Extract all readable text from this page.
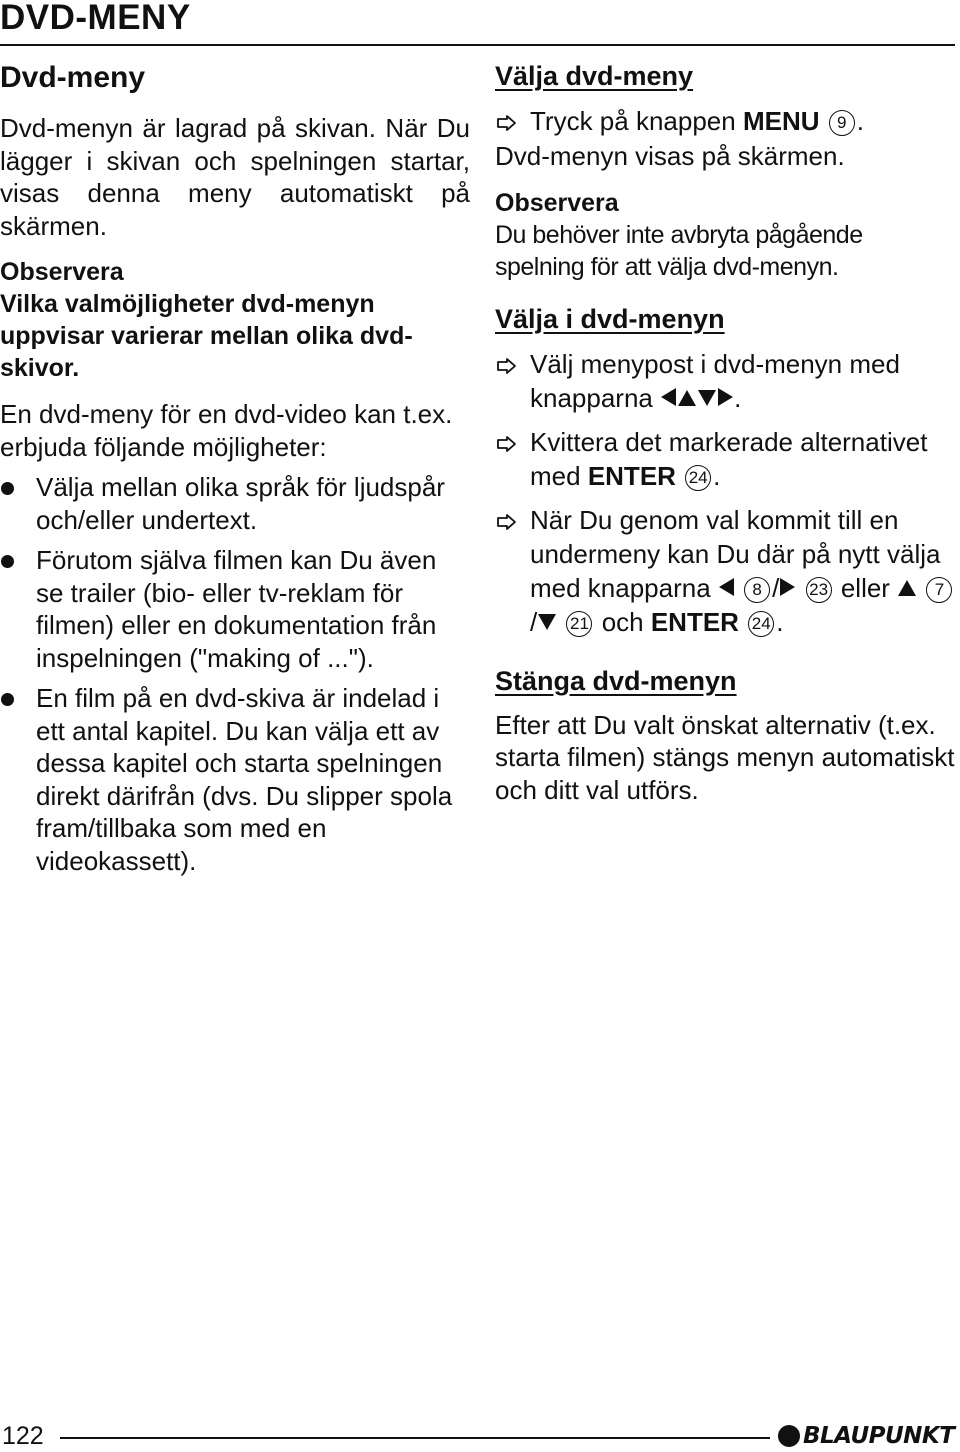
DVD-MENY
Dvd-meny

Dvd-menyn är lagrad på skivan. När Du lägger i skivan och spelningen startar, visas denna meny automatiskt på skärmen.

Observera

Vilka valmöjligheter dvd-menyn uppvisar varierar mellan olika dvd-skivor.

En dvd-meny för en dvd-video kan t.ex. erbjuda följande möjligheter:

Välja mellan olika språk för ljudspår och/eller undertext.

Förutom själva filmen kan Du även se trailer (bio- eller tv-reklam för filmen) eller en dokumentation från inspelningen ("making of ...").

En film på en dvd-skiva är indelad i ett antal kapitel. Du kan välja ett av dessa kapitel och starta spelningen direkt därifrån (dvs. Du slipper spola fram/tillbaka som med en videokassett).

Välja dvd-meny

Tryck på knappen MENU 9 .

Dvd-menyn visas på skärmen.

Observera

Du behöver inte avbryta pågående spelning för att välja dvd-menyn.

Välja i dvd-menyn

Välj menypost i dvd-menyn med knapparna	.

Kvittera det markerade alternativet med ENTER 24 .

När Du genom val kommit till en undermeny kan Du där på nytt välja med knapparna  8 / 23 eller  7/ 21 och ENTER 24 .

Stänga dvd-menyn

Efter att Du valt önskat alternativ (t.ex. starta filmen) stängs menyn automatiskt och ditt val utförs.

122	BLAUPUNKT
